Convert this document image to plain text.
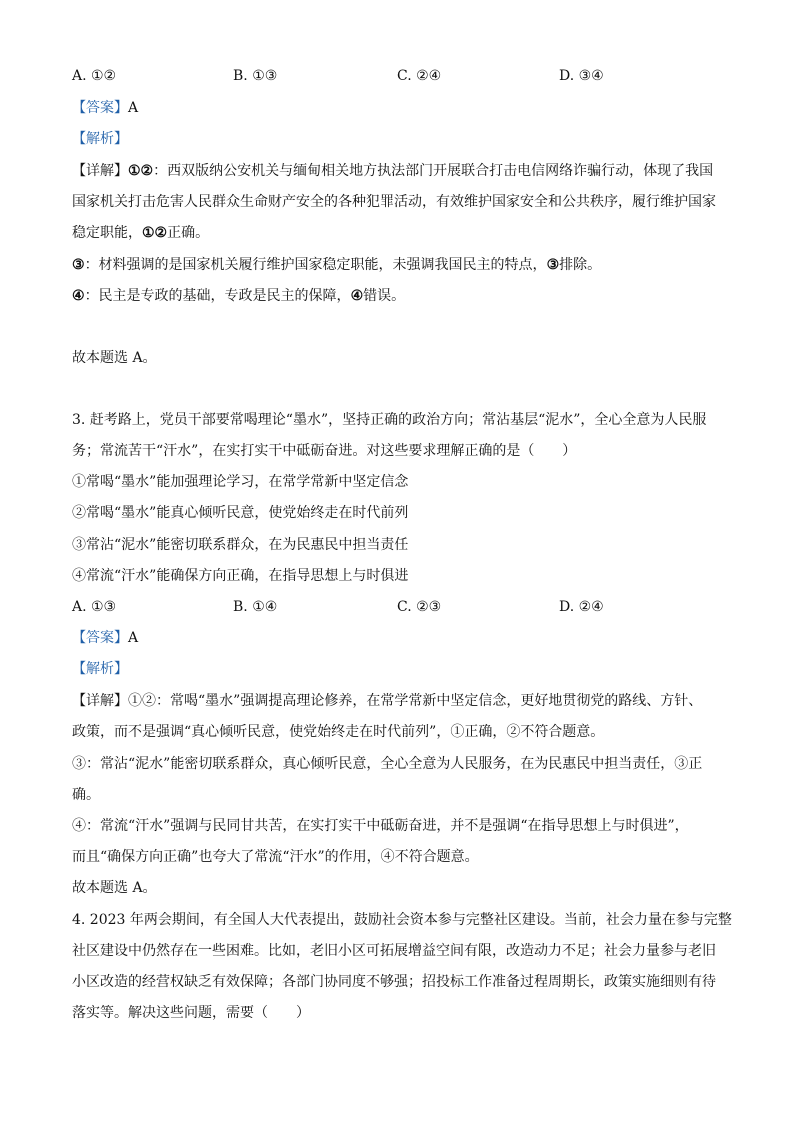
A. ①②	B. ①③	C. ②④	D. ③④
【答案】A
【解析】
【详解】①②：西双版纳公安机关与缅甸相关地方执法部门开展联合打击电信网络诈骗行动，体现了我国
国家机关打击危害人民群众生命财产安全的各种犯罪活动，有效维护国家安全和公共秩序，履行维护国家
稳定职能，①②正确。
③：材料强调的是国家机关履行维护国家稳定职能，未强调我国民主的特点，③排除。
④：民主是专政的基础，专政是民主的保障，④错误。
故本题选 A。
3. 赶考路上，党员干部要常喝理论“墨水”，坚持正确的政治方向；常沾基层“泥水”，全心全意为人民服
务；常流苦干“汗水”，在实打实干中砥砺奋进。对这些要求理解正确的是（　　）
①常喝“墨水”能加强理论学习，在常学常新中坚定信念
②常喝“墨水”能真心倾听民意，使党始终走在时代前列
③常沾“泥水”能密切联系群众，在为民惠民中担当责任
④常流“汗水”能确保方向正确，在指导思想上与时俱进
A. ①③	B. ①④	C. ②③	D. ②④
【答案】A
【解析】
【详解】①②：常喝“墨水”强调提高理论修养，在常学常新中坚定信念，更好地贯彻党的路线、方针、
政策，而不是强调“真心倾听民意，使党始终走在时代前列”，①正确，②不符合题意。
③：常沾“泥水”能密切联系群众，真心倾听民意，全心全意为人民服务，在为民惠民中担当责任，③正
确。
④：常流“汗水”强调与民同甘共苦，在实打实干中砥砺奋进，并不是强调“在指导思想上与时俱进”，
而且“确保方向正确”也夸大了常流“汗水”的作用，④不符合题意。
故本题选 A。
4. 2023 年两会期间，有全国人大代表提出，鼓励社会资本参与完整社区建设。当前，社会力量在参与完整
社区建设中仍然存在一些困难。比如，老旧小区可拓展增益空间有限，改造动力不足；社会力量参与老旧
小区改造的经营权缺乏有效保障；各部门协同度不够强；招投标工作准备过程周期长，政策实施细则有待
落实等。解决这些问题，需要（　　）
